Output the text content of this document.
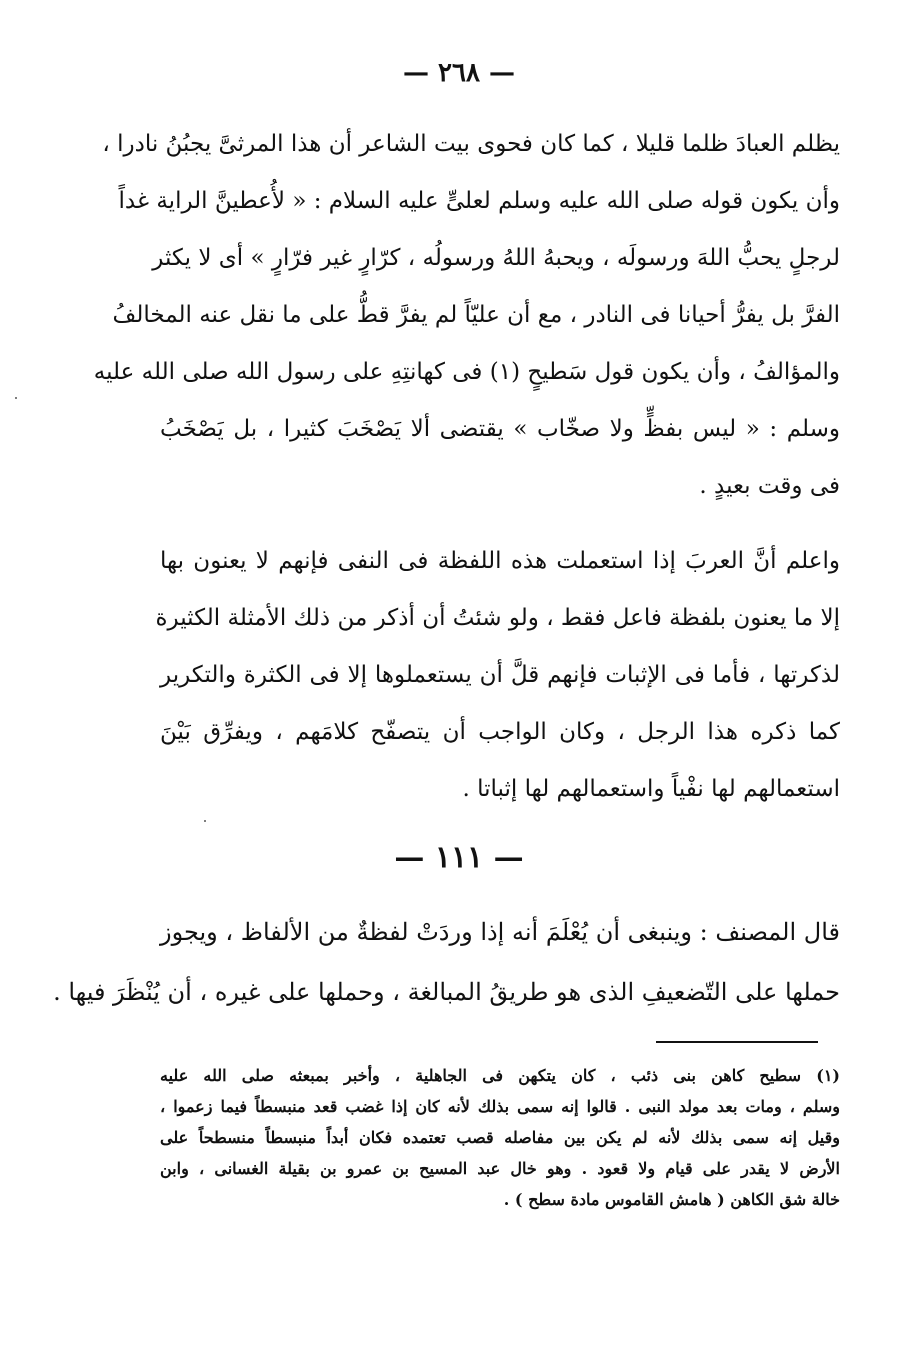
— ٢٦٨ —
يظلم العبادَ ظلما قليلا ، كما كان فحوى بيت الشاعر أن هذا المرثىَّ يجبُنُ نادرا ،
وأن يكون قوله صلى الله عليه وسلم لعلىٍّ عليه السلام : « لأُعطينَّ الراية غداً
لرجلٍ يحبُّ اللهَ ورسولَه ، ويحبهُ اللهُ ورسولُه ، كرّارٍ غير فرّارٍ » أى لا يكثر
الفرَّ بل يفرُّ أحيانا فى النادر ، مع أن عليّاً لم يفرَّ قطُّ على ما نقل عنه المخالفُ
والمؤالفُ ، وأن يكون قول سَطيحٍ (١) فى كهانتِهِ على رسول الله صلى الله عليه
وسلم : « ليس بفظٍّ ولا صخّاب » يقتضى ألا يَصْخَبَ كثيرا ، بل يَصْخَبُ
فى وقت بعيدٍ .
واعلم أنَّ العربَ إذا استعملت هذه اللفظة فى النفى فإنهم لا يعنون بها
إلا ما يعنون بلفظة فاعل فقط ، ولو شئتُ أن أذكر من ذلك الأمثلة الكثيرة
لذكرتها ، فأما فى الإثبات فإنهم قلَّ أن يستعملوها إلا فى الكثرة والتكرير
كما ذكره هذا الرجل ، وكان الواجب أن يتصفّح كلامَهم ، ويفرِّق بَيْنَ
استعمالهم لها نفْياً واستعمالهم لها إثباتا .
— ١١١ —
قال المصنف : وينبغى أن يُعْلَمَ أنه إذا وردَتْ لفظةٌ من الألفاظ ، ويجوز
حملها على التّضعيفِ الذى هو طريقُ المبالغة ، وحملها على غيره ، أن يُنْظَرَ فيها .
(١) سطيح كاهن بنى ذئب ، كان يتكهن فى الجاهلية ، وأخبر بمبعثه صلى الله عليه
وسلم ، ومات بعد مولد النبى . قالوا إنه سمى بذلك لأنه كان إذا غضب قعد منبسطاً فيما زعموا ،
وقيل إنه سمى بذلك لأنه لم يكن بين مفاصله قصب تعتمده فكان أبداً منبسطاً منسطحاً على
الأرض لا يقدر على قيام ولا قعود . وهو خال عبد المسيح بن عمرو بن بقيلة الغسانى ، وابن
خالة شق الكاهن ( هامش القاموس مادة سطح ) .
